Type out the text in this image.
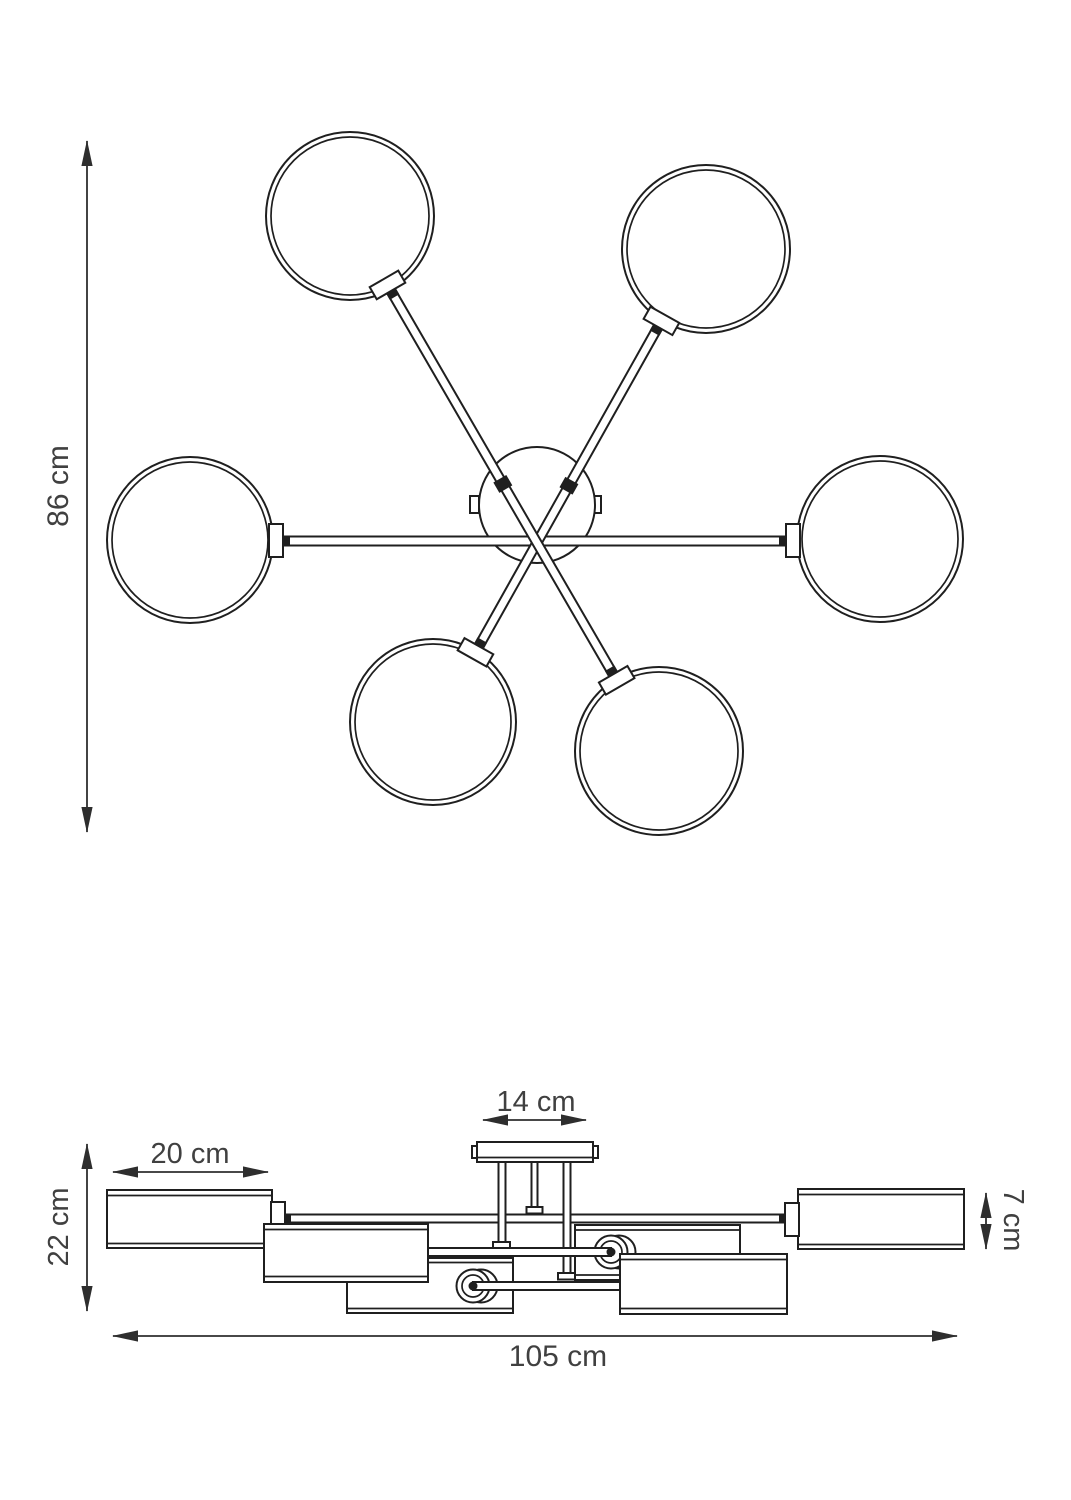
86 cm
14 cm
20 cm
22 cm	7 cm
105 cm
